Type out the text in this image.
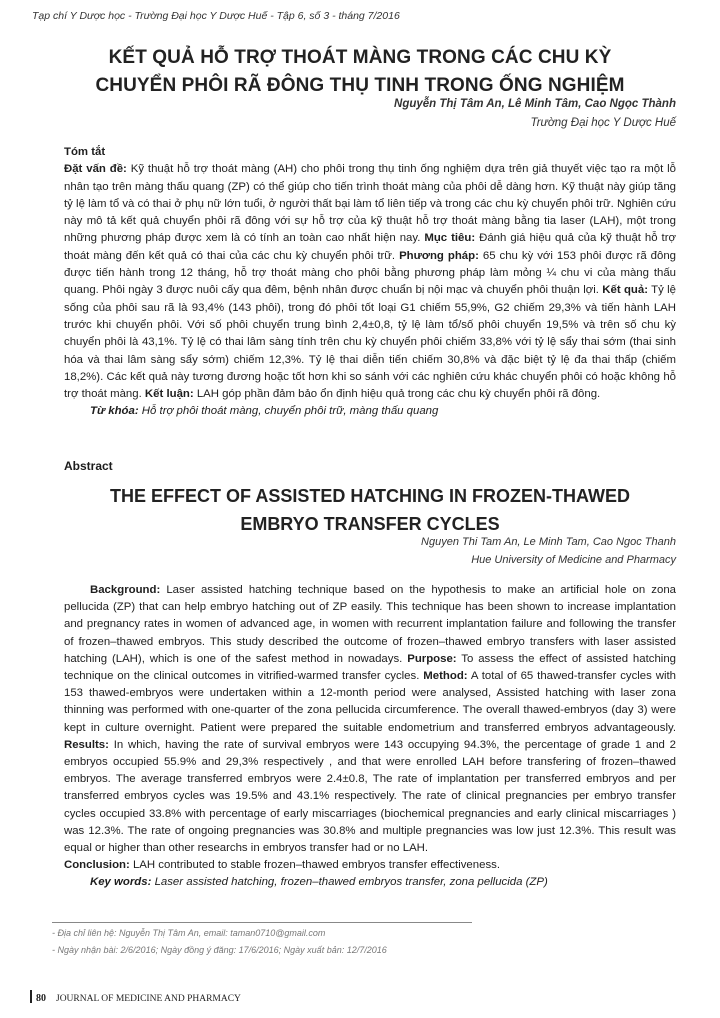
Tạp chí Y Dược học - Trường Đại học Y Dược Huế - Tập 6, số 3 - tháng 7/2016
KẾT QUẢ HỖ TRỢ THOÁT MÀNG TRONG CÁC CHU KỲ
CHUYỂN PHÔI RÃ ĐÔNG THỤ TINH TRONG ỐNG NGHIỆM
Nguyễn Thị Tâm An, Lê Minh Tâm, Cao Ngọc Thành
Trường Đại học Y Dược Huế

Tóm tắt

Đặt vấn đề: Kỹ thuật hỗ trợ thoát màng (AH) cho phôi trong thụ tinh ống nghiệm dựa trên giả thuyết việc tạo ra một lỗ nhân tạo trên màng thấu quang (ZP) có thể giúp cho tiến trình thoát màng của phôi dễ dàng hơn. Kỹ thuật này giúp tăng tỷ lệ làm tổ và có thai ở phụ nữ lớn tuổi, ở người thất bại làm tổ liên tiếp và trong các chu kỳ chuyển phôi trữ. Nghiên cứu này mô tả kết quả chuyển phôi rã đông với sự hỗ trợ của kỹ thuật hỗ trợ thoát màng bằng tia laser (LAH), một trong những phương pháp được xem là có tính an toàn cao nhất hiện nay. Mục tiêu: Đánh giá hiệu quả của kỹ thuật hỗ trợ thoát màng đến kết quả có thai của các chu kỳ chuyển phôi trữ. Phương pháp: 65 chu kỳ với 153 phôi được rã đông được tiến hành trong 12 tháng, hỗ trợ thoát màng cho phôi bằng phương pháp làm mỏng ¼ chu vi của màng thấu quang. Phôi ngày 3 được nuôi cấy qua đêm, bệnh nhân được chuẩn bị nội mạc và chuyển phôi thuận lợi. Kết quả: Tỷ lệ sống của phôi sau rã là 93,4% (143 phôi), trong đó phôi tốt loại G1 chiếm 55,9%, G2 chiếm 29,3% và tiến hành LAH trước khi chuyển phôi. Với số phôi chuyển trung bình 2,4±0,8, tỷ lệ làm tổ/số phôi chuyển 19,5% và trên số chu kỳ chuyển phôi là 43,1%. Tỷ lệ có thai lâm sàng tính trên chu kỳ chuyển phôi chiếm 33,8% với tỷ lệ sẩy thai sớm (thai sinh hóa và thai lâm sàng sẩy sớm) chiếm 12,3%. Tỷ lệ thai diễn tiến chiếm 30,8% và đặc biệt tỷ lệ đa thai thấp (chiếm 18,2%). Các kết quả này tương đương hoặc tốt hơn khi so sánh với các nghiên cứu khác chuyển phôi có hoặc không hỗ trợ thoát màng. Kết luận: LAH góp phần đảm bảo ổn định hiệu quả trong các chu kỳ chuyển phôi rã đông.

Từ khóa: Hỗ trợ phôi thoát màng, chuyển phôi trữ, màng thấu quang

Abstract
THE EFFECT OF ASSISTED HATCHING IN FROZEN-THAWED
EMBRYO TRANSFER CYCLES
Nguyen Thi Tam An, Le Minh Tam, Cao Ngoc Thanh
Hue University of Medicine and Pharmacy

Background: Laser assisted hatching technique based on the hypothesis to make an artificial hole on zona pellucida (ZP) that can help embryo hatching out of ZP easily. This technique has been shown to increase implantation and pregnancy rates in women of advanced age, in women with recurrent implantation failure and following the transfer of frozen–thawed embryos. This study described the outcome of frozen–thawed embryo transfers with laser assisted hatching (LAH), which is one of the safest method in nowadays. Purpose: To assess the effect of assisted hatching technique on the clinical outcomes in vitrified-warmed transfer cycles. Method: A total of 65 thawed-transfer cycles with 153 thawed-embryos were undertaken within a 12-month period were analysed, Assisted hatching with laser zona thinning was performed with one-quarter of the zona pellucida circumference. The overall thawed-embryos (day 3) were kept in culture overnight. Patient were prepared the suitable endometrium and transferred embryos advantageously. Results: In which, having the rate of survival embryos were 143 occupying 94.3%, the percentage of grade 1 and 2 embryos occupied 55.9% and 29,3% respectively , and that were enrolled LAH before transfering of frozen–thawed embryos. The average transferred embryos were 2.4±0.8, The rate of implantation per transferred embryos and per transferred embryos cycles was 19.5% and 43.1% respectively. The rate of clinical pregnancies per embryo transfer cycles occupied 33.8% with percentage of early miscarriages (biochemical pregnancies and early clinical miscarriages ) was 12.3%. The rate of ongoing pregnancies was 30.8% and multiple pregnancies was low just 12.3%. This result was equal or higher than other researchs in embryos transfer had or no LAH.

Conclusion: LAH contributed to stable frozen–thawed embryos transfer effectiveness.

Key words: Laser assisted hatching, frozen–thawed embryos transfer, zona pellucida (ZP)

- Địa chỉ liên hệ: Nguyễn Thị Tâm An, email: taman0710@gmail.com
- Ngày nhận bài: 2/6/2016; Ngày đồng ý đăng: 17/6/2016; Ngày xuất bản: 12/7/2016
80 JOURNAL OF MEDICINE AND PHARMACY
